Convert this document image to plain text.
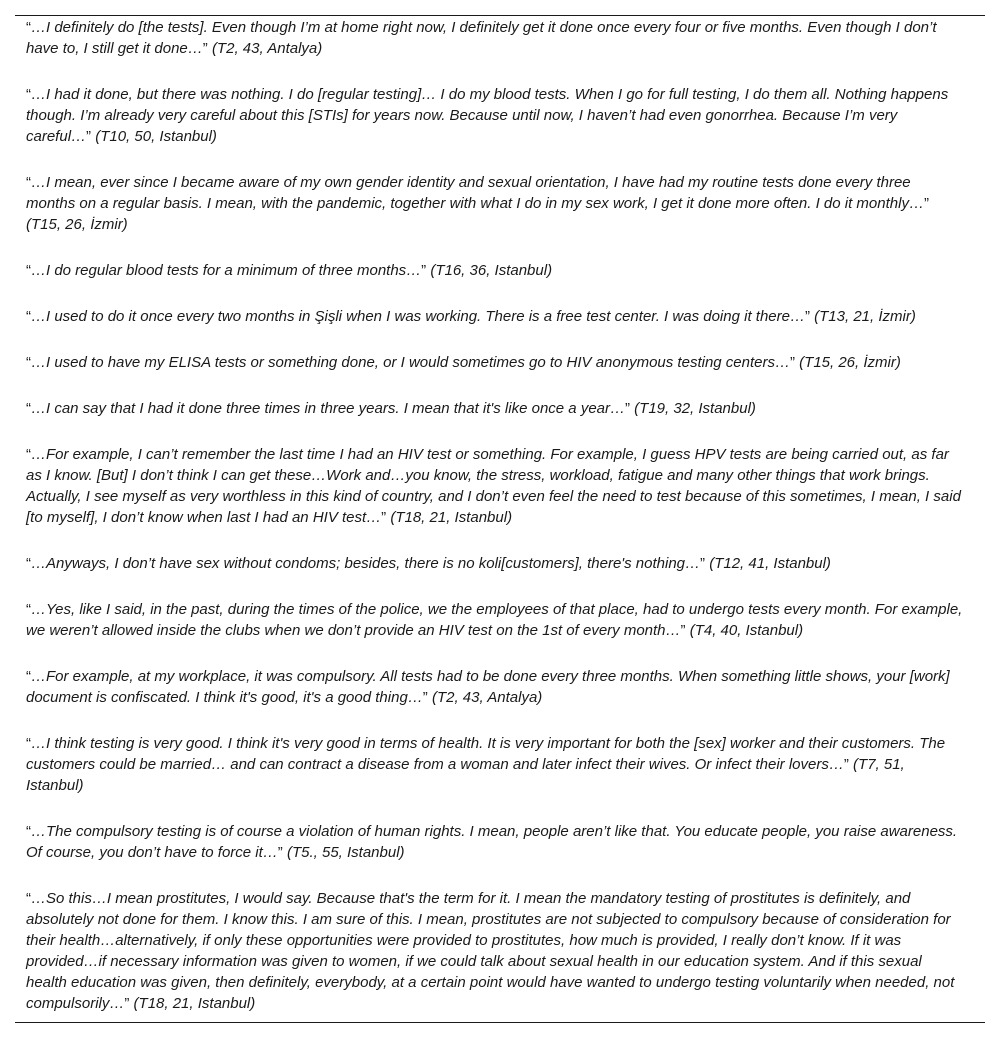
“…I definitely do [the tests]. Even though I’m at home right now, I definitely get it done once every four or five months. Even though I don’t have to, I still get it done…” (T2, 43, Antalya)
“…I had it done, but there was nothing. I do [regular testing]… I do my blood tests. When I go for full testing, I do them all. Nothing happens though. I’m already very careful about this [STIs] for years now. Because until now, I haven’t had even gonorrhea. Because I’m very careful…” (T10, 50, Istanbul)
“…I mean, ever since I became aware of my own gender identity and sexual orientation, I have had my routine tests done every three months on a regular basis. I mean, with the pandemic, together with what I do in my sex work, I get it done more often. I do it monthly…” (T15, 26, İzmir)
“…I do regular blood tests for a minimum of three months…” (T16, 36, Istanbul)
“…I used to do it once every two months in Şişli when I was working. There is a free test center. I was doing it there…” (T13, 21, İzmir)
“…I used to have my ELISA tests or something done, or I would sometimes go to HIV anonymous testing centers…” (T15, 26, İzmir)
“…I can say that I had it done three times in three years. I mean that it's like once a year…” (T19, 32, Istanbul)
“…For example, I can’t remember the last time I had an HIV test or something. For example, I guess HPV tests are being carried out, as far as I know. [But] I don’t think I can get these…Work and…you know, the stress, workload, fatigue and many other things that work brings. Actually, I see myself as very worthless in this kind of country, and I don’t even feel the need to test because of this sometimes, I mean, I said [to myself], I don’t know when last I had an HIV test…” (T18, 21, Istanbul)
“…Anyways, I don’t have sex without condoms; besides, there is no koli[customers], there's nothing…” (T12, 41, Istanbul)
“…Yes, like I said, in the past, during the times of the police, we the employees of that place, had to undergo tests every month. For example, we weren’t allowed inside the clubs when we don’t provide an HIV test on the 1st of every month…” (T4, 40, Istanbul)
“…For example, at my workplace, it was compulsory. All tests had to be done every three months. When something little shows, your [work] document is confiscated. I think it's good, it's a good thing…” (T2, 43, Antalya)
“…I think testing is very good. I think it's very good in terms of health. It is very important for both the [sex] worker and their customers. The customers could be married… and can contract a disease from a woman and later infect their wives. Or infect their lovers…” (T7, 51, Istanbul)
“…The compulsory testing is of course a violation of human rights. I mean, people aren’t like that. You educate people, you raise awareness. Of course, you don’t have to force it…” (T5., 55, Istanbul)
“…So this…I mean prostitutes, I would say. Because that's the term for it. I mean the mandatory testing of prostitutes is definitely, and absolutely not done for them. I know this. I am sure of this. I mean, prostitutes are not subjected to compulsory because of consideration for their health…alternatively, if only these opportunities were provided to prostitutes, how much is provided, I really don’t know. If it was provided…if necessary information was given to women, if we could talk about sexual health in our education system. And if this sexual health education was given, then definitely, everybody, at a certain point would have wanted to undergo testing voluntarily when needed, not compulsorily…” (T18, 21, Istanbul)
